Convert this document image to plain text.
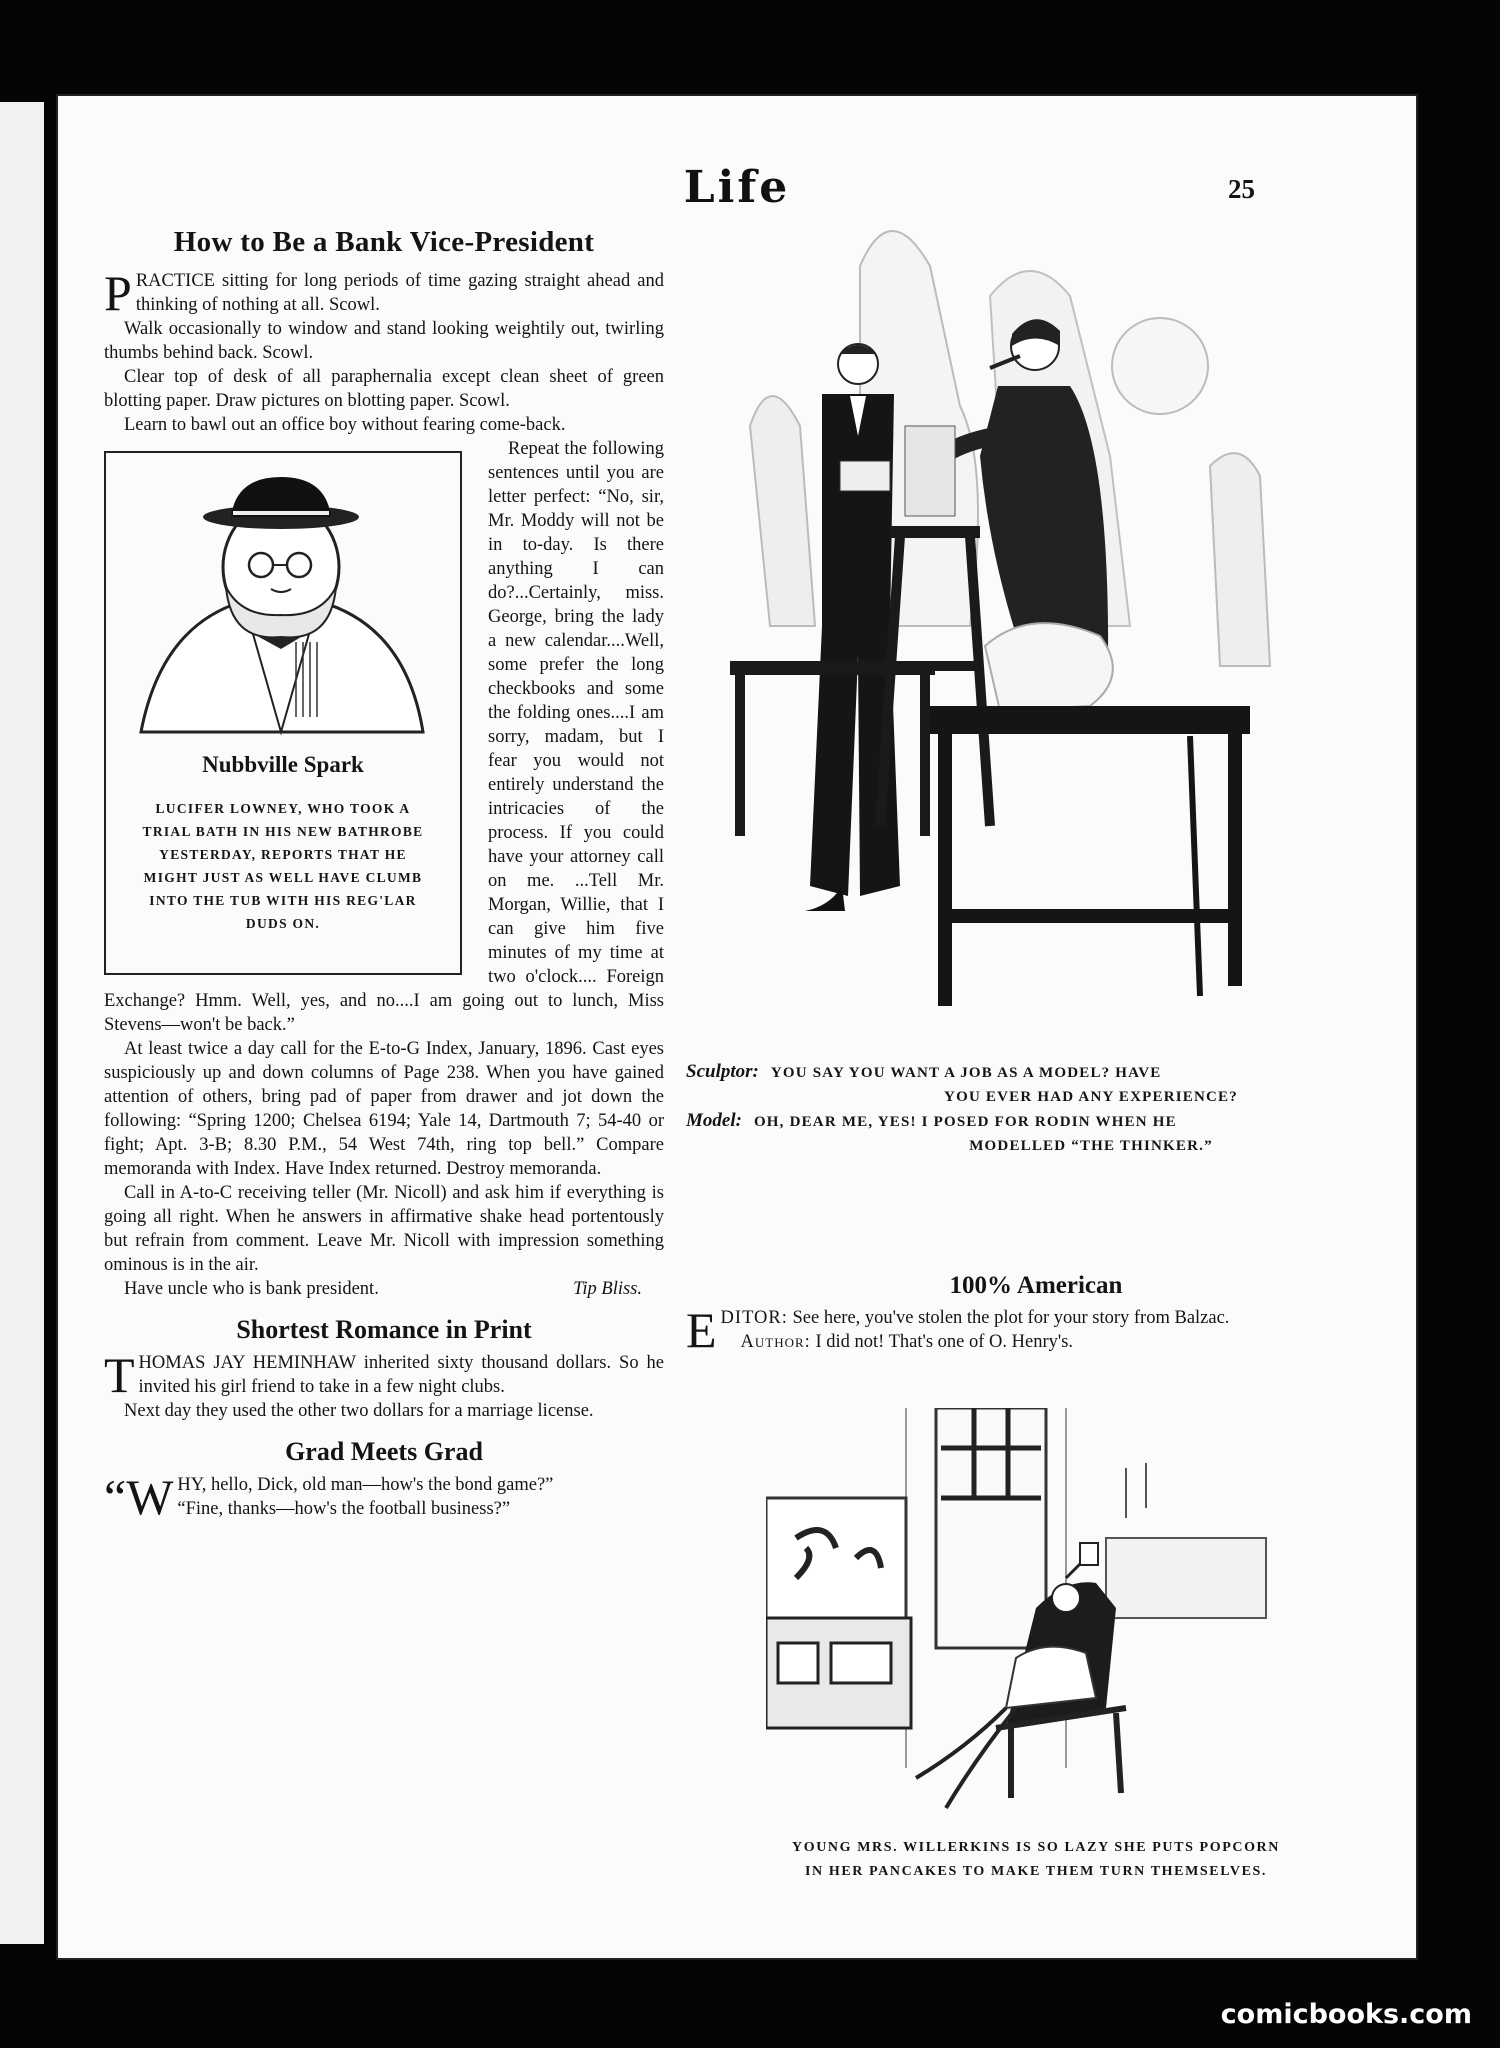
Life	25
How to Be a Bank Vice-President

PRACTICE sitting for long periods of time gazing straight ahead and thinking of nothing at all. Scowl.

Walk occasionally to window and stand looking weightily out, twirling thumbs behind back. Scowl.

Clear top of desk of all paraphernalia except clean sheet of green blotting paper. Draw pictures on blotting paper. Scowl.

Learn to bawl out an office boy without fearing come-back.

Nubbville Spark
LUCIFER LOWNEY, WHO TOOK A TRIAL BATH IN HIS NEW BATHROBE YESTERDAY, REPORTS THAT HE MIGHT JUST AS WELL HAVE CLUMB INTO THE TUB WITH HIS REG'LAR DUDS ON.

Repeat the following sentences until you are letter perfect: “No, sir, Mr. Moddy will not be in to-day. Is there anything I can do?...Certainly, miss. George, bring the lady a new calendar....Well, some prefer the long checkbooks and some the folding ones....I am sorry, madam, but I fear you would not entirely understand the intricacies of the process. If you could have your attorney call on me. ...Tell Mr. Morgan, Willie, that I can give him five minutes of my time at two o'clock.... Foreign Exchange? Hmm. Well, yes, and no....I am going out to lunch, Miss Stevens—won't be back.”

At least twice a day call for the E-to-G Index, January, 1896. Cast eyes suspiciously up and down columns of Page 238. When you have gained attention of others, bring pad of paper from drawer and jot down the following: “Spring 1200; Chelsea 6194; Yale 14, Dartmouth 7; 54-40 or fight; Apt. 3-B; 8.30 P.M., 54 West 74th, ring top bell.” Compare memoranda with Index. Have Index returned. Destroy memoranda.

Call in A-to-C receiving teller (Mr. Nicoll) and ask him if everything is going all right. When he answers in affirmative shake head portentously but refrain from comment. Leave Mr. Nicoll with impression something ominous is in the air.

Have uncle who is bank president.	Tip Bliss.

Shortest Romance in Print

THOMAS JAY HEMINHAW inherited sixty thousand dollars. So he invited his girl friend to take in a few night clubs.

Next day they used the other two dollars for a marriage license.

Grad Meets Grad

“WHY, hello, Dick, old man—how's the bond game?”

“Fine, thanks—how's the football business?”

Sculptor: YOU SAY YOU WANT A JOB AS A MODEL? HAVE

YOU EVER HAD ANY EXPERIENCE?

Model: OH, DEAR ME, YES! I POSED FOR RODIN WHEN HE

MODELLED “THE THINKER.”

100% American

EDITOR: See here, you've stolen the plot for your story from Balzac.

Author: I did not! That's one of O. Henry's.

YOUNG MRS. WILLERKINS IS SO LAZY SHE PUTS POPCORN
IN HER PANCAKES TO MAKE THEM TURN THEMSELVES.
comicbooks.com
